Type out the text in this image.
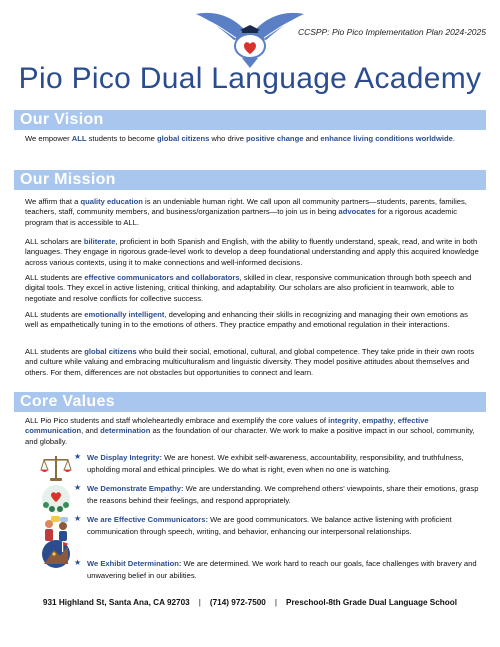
CCSPP: Pio Pico Implementation Plan 2024-2025
Pio Pico Dual Language Academy
Our Vision

We empower ALL students to become global citizens who drive positive change and enhance living conditions worldwide.

Our Mission

We affirm that a quality education is an undeniable human right. We call upon all community partners—students, parents, families, teachers, staff, community members, and business/organization partners—to join us in being advocates for a rigorous academic program that is accessible to ALL.

ALL scholars are biliterate, proficient in both Spanish and English, with the ability to fluently understand, speak, read, and write in both languages. They engage in rigorous grade-level work to develop a deep foundational understanding and apply this acquired knowledge across various contexts, using it to make connections and well-informed decisions.

ALL students are effective communicators and collaborators, skilled in clear, responsive communication through both speech and digital tools. They excel in active listening, critical thinking, and adaptability. Our scholars are also proficient in teamwork, able to negotiate and resolve conflicts for collective success.

ALL students are emotionally intelligent, developing and enhancing their skills in recognizing and managing their own emotions as well as empathetically tuning in to the emotions of others. They practice empathy and emotional regulation in their interactions.

ALL students are global citizens who build their social, emotional, cultural, and global competence. They take pride in their own roots and culture while valuing and embracing multiculturalism and linguistic diversity. They model positive attitudes about themselves and others. For them, differences are not obstacles but opportunities to connect and learn.

Core Values

ALL Pio Pico students and staff wholeheartedly embrace and exemplify the core values of integrity, empathy, effective communication, and determination as the foundation of our character. We work to make a positive impact in our school, community, and globally.

★ We Display Integrity: We are honest. We exhibit self-awareness, accountability, responsibility, and truthfulness, upholding moral and ethical principles. We do what is right, even when no one is watching.
★ We Demonstrate Empathy: We are understanding. We comprehend others' viewpoints, share their emotions, grasp the reasons behind their feelings, and respond appropriately.
★ We are Effective Communicators: We are good communicators. We balance active listening with proficient communication through speech, writing, and behavior, enhancing our interpersonal relationships.
★ We Exhibit Determination: We are determined. We work hard to reach our goals, face challenges with bravery and unwavering belief in our abilities.
931 Highland St, Santa Ana, CA 92703 | (714) 972-7500 | Preschool-8th Grade Dual Language School
